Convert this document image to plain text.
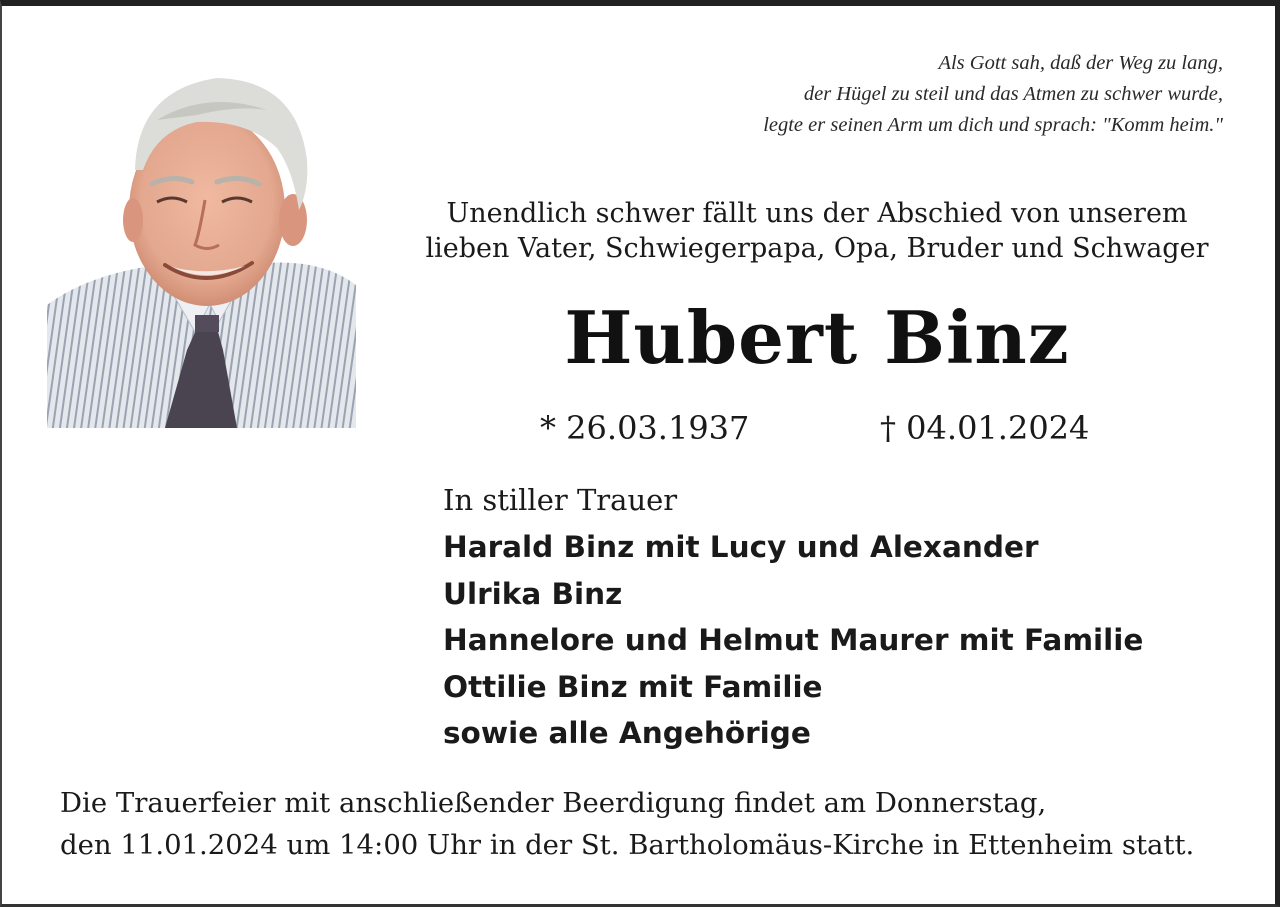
Als Gott sah, daß der Weg zu lang,
der Hügel zu steil und das Atmen zu schwer wurde,
legte er seinen Arm um dich und sprach: "Komm heim."
Unendlich schwer fällt uns der Abschied von unserem
lieben Vater, Schwiegerpapa, Opa, Bruder und Schwager
Hubert Binz
* 26.03.1937	† 04.01.2024
In stiller Trauer
Harald Binz mit Lucy und Alexander
Ulrika Binz
Hannelore und Helmut Maurer mit Familie
Ottilie Binz mit Familie
sowie alle Angehörige
Die Trauerfeier mit anschließender Beerdigung findet am Donnerstag,
den 11.01.2024 um 14:00 Uhr in der St. Bartholomäus-Kirche in Ettenheim statt.
